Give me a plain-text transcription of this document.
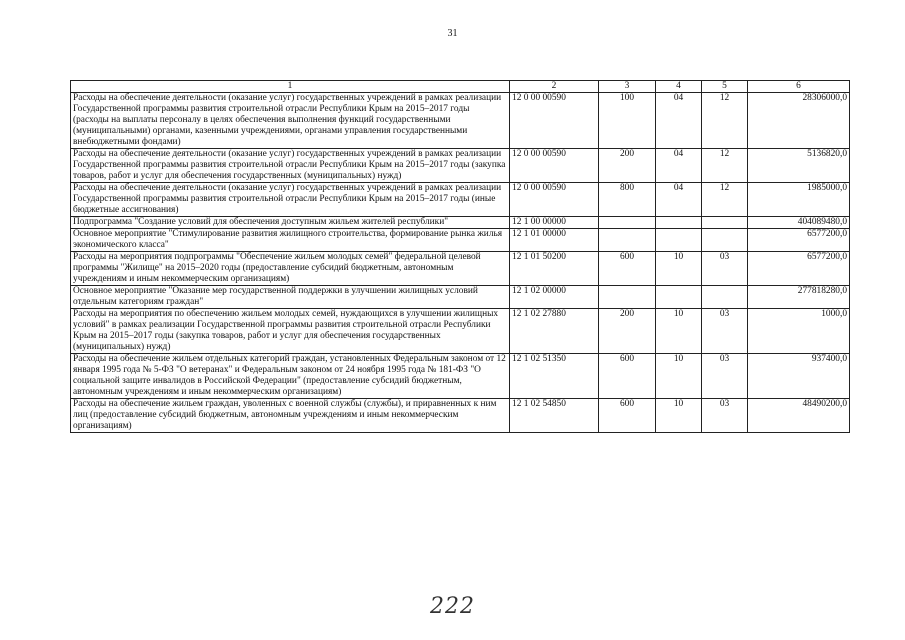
31
1	2	3	4	5	6
Расходы на обеспечение деятельности (оказание услуг) государственных учреждений в рамках реализации Государственной программы развития строительной отрасли Республики Крым на 2015–2017 годы (расходы на выплаты персоналу в целях обеспечения выполнения функций государственными (муниципальными) органами, казенными учреждениями, органами управления государственными внебюджетными фондами)	12 0 00 00590	100	04	12	28306000,0
Расходы на обеспечение деятельности (оказание услуг) государственных учреждений в рамках реализации Государственной программы развития строительной отрасли Республики Крым на 2015–2017 годы (закупка товаров, работ и услуг для обеспечения государственных (муниципальных) нужд)	12 0 00 00590	200	04	12	5136820,0
Расходы на обеспечение деятельности (оказание услуг) государственных учреждений в рамках реализации Государственной программы развития строительной отрасли Республики Крым на 2015–2017 годы (иные бюджетные ассигнования)	12 0 00 00590	800	04	12	1985000,0
Подпрограмма "Создание условий для обеспечения доступным жильем жителей республики"	12 1 00 00000				404089480,0
Основное мероприятие "Стимулирование развития жилищного строительства, формирование рынка жилья экономического класса"	12 1 01 00000				6577200,0
Расходы на мероприятия подпрограммы "Обеспечение жильем молодых семей" федеральной целевой программы "Жилище" на 2015–2020 годы (предоставление субсидий бюджетным, автономным учреждениям и иным некоммерческим организациям)	12 1 01 50200	600	10	03	6577200,0
Основное мероприятие "Оказание мер государственной поддержки в улучшении жилищных условий отдельным категориям граждан"	12 1 02 00000				277818280,0
Расходы на мероприятия по обеспечению жильем молодых семей, нуждающихся в улучшении жилищных условий" в рамках реализации Государственной программы развития строительной отрасли Республики Крым на 2015–2017 годы (закупка товаров, работ и услуг для обеспечения государственных (муниципальных) нужд)	12 1 02 27880	200	10	03	1000,0
Расходы на обеспечение жильем отдельных категорий граждан, установленных Федеральным законом от 12 января 1995 года № 5-ФЗ "О ветеранах" и Федеральным законом от 24 ноября 1995 года № 181-ФЗ "О социальной защите инвалидов в Российской Федерации" (предоставление субсидий бюджетным, автономным учреждениям и иным некоммерческим организациям)	12 1 02 51350	600	10	03	937400,0
Расходы на обеспечение жильем граждан, уволенных с военной службы (службы), и приравненных к ним лиц (предоставление субсидий бюджетным, автономным учреждениям и иным некоммерческим организациям)	12 1 02 54850	600	10	03	48490200,0
222
